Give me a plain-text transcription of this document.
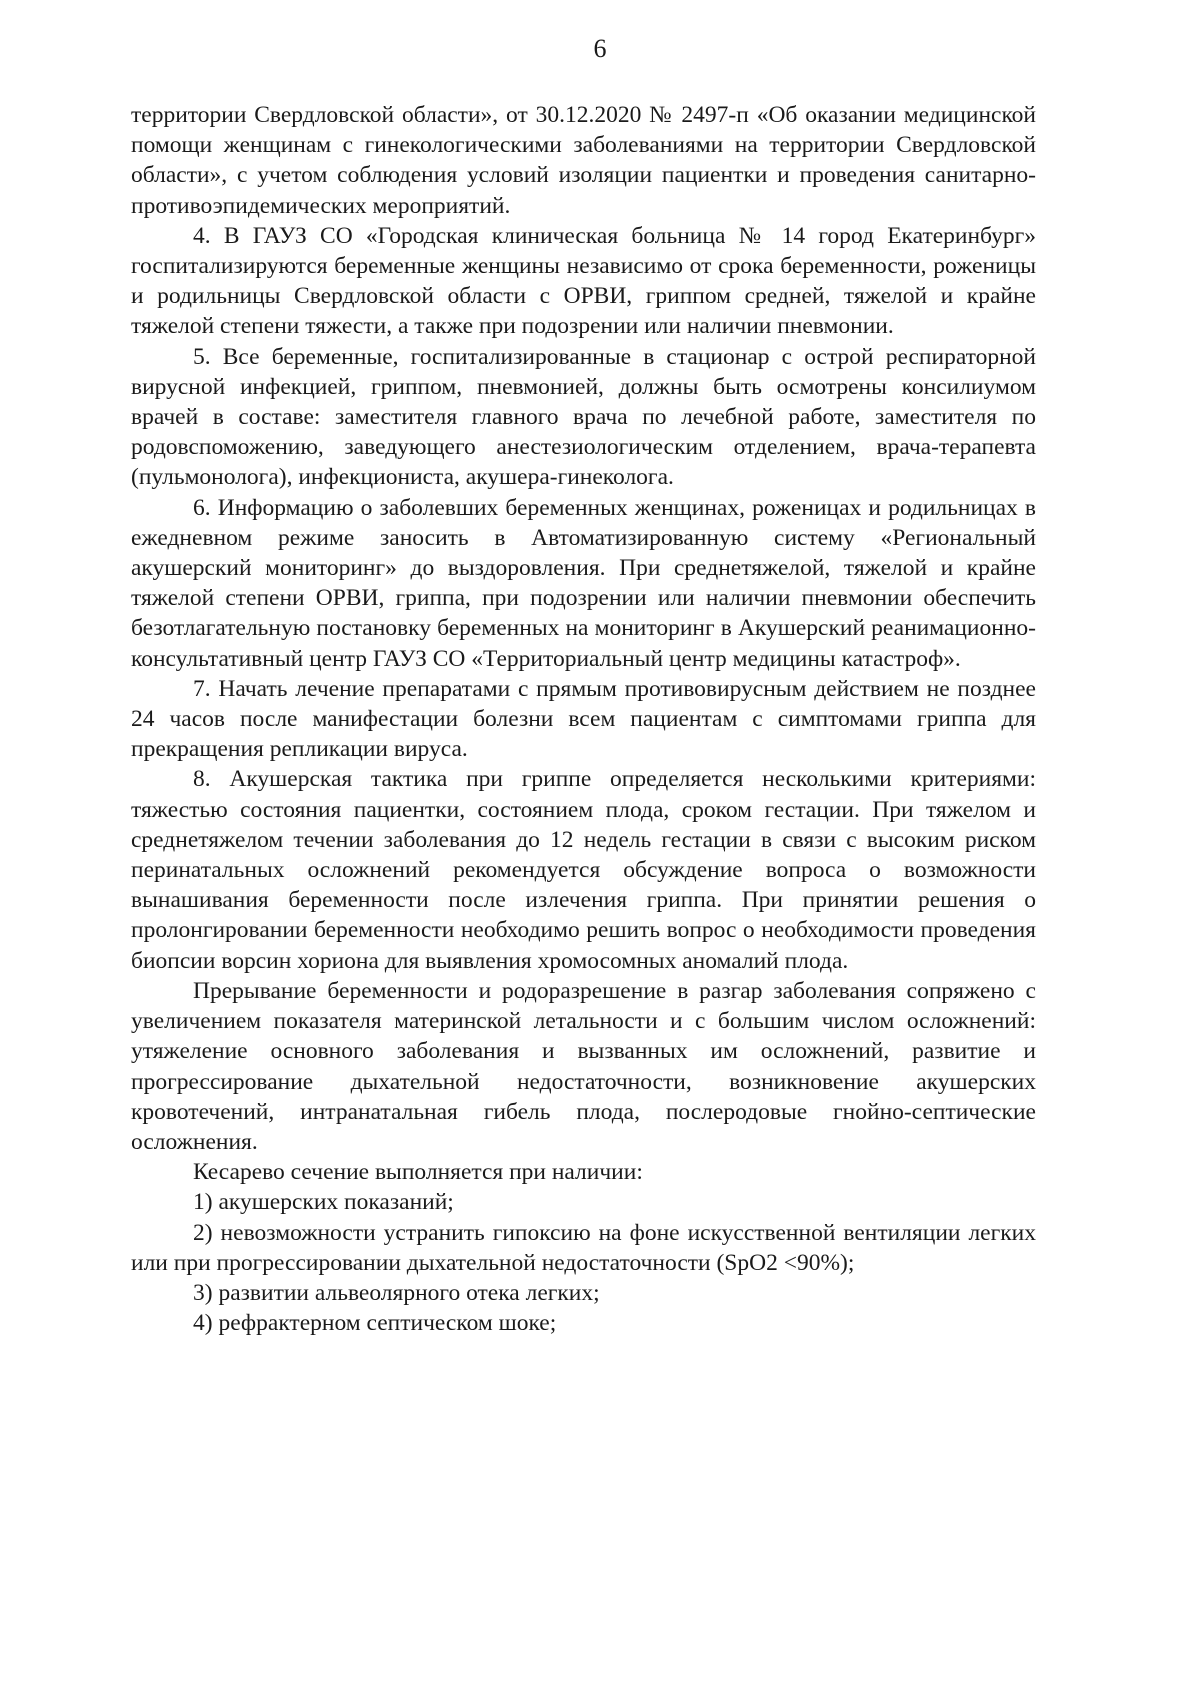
6

территории Свердловской области», от 30.12.2020 № 2497-п «Об оказании медицинской помощи женщинам с гинекологическими заболеваниями на территории Свердловской области», с учетом соблюдения условий изоляции пациентки и проведения санитарно-противоэпидемических мероприятий.

4. В ГАУЗ СО «Городская клиническая больница № 14 город Екатеринбург» госпитализируются беременные женщины независимо от срока беременности, роженицы и родильницы Свердловской области с ОРВИ, гриппом средней, тяжелой и крайне тяжелой степени тяжести, а также при подозрении или наличии пневмонии.

5. Все беременные, госпитализированные в стационар с острой респираторной вирусной инфекцией, гриппом, пневмонией, должны быть осмотрены консилиумом врачей в составе: заместителя главного врача по лечебной работе, заместителя по родовспоможению, заведующего анестезиологическим отделением, врача-терапевта (пульмонолога), инфекциониста, акушера-гинеколога.

6. Информацию о заболевших беременных женщинах, роженицах и родильницах в ежедневном режиме заносить в Автоматизированную систему «Региональный акушерский мониторинг» до выздоровления. При среднетяжелой, тяжелой и крайне тяжелой степени ОРВИ, гриппа, при подозрении или наличии пневмонии обеспечить безотлагательную постановку беременных на мониторинг в Акушерский реанимационно-консультативный центр ГАУЗ СО «Территориальный центр медицины катастроф».

7. Начать лечение препаратами с прямым противовирусным действием не позднее 24 часов после манифестации болезни всем пациентам с симптомами гриппа для прекращения репликации вируса.

8. Акушерская тактика при гриппе определяется несколькими критериями: тяжестью состояния пациентки, состоянием плода, сроком гестации. При тяжелом и среднетяжелом течении заболевания до 12 недель гестации в связи с высоким риском перинатальных осложнений рекомендуется обсуждение вопроса о возможности вынашивания беременности после излечения гриппа. При принятии решения о пролонгировании беременности необходимо решить вопрос о необходимости проведения биопсии ворсин хориона для выявления хромосомных аномалий плода.

Прерывание беременности и родоразрешение в разгар заболевания сопряжено с увеличением показателя материнской летальности и с большим числом осложнений: утяжеление основного заболевания и вызванных им осложнений, развитие и прогрессирование дыхательной недостаточности, возникновение акушерских кровотечений, интранатальная гибель плода, послеродовые гнойно-септические осложнения.

Кесарево сечение выполняется при наличии:

1) акушерских показаний;

2) невозможности устранить гипоксию на фоне искусственной вентиляции легких или при прогрессировании дыхательной недостаточности (SpO2 <90%);

3) развитии альвеолярного отека легких;

4) рефрактерном септическом шоке;
